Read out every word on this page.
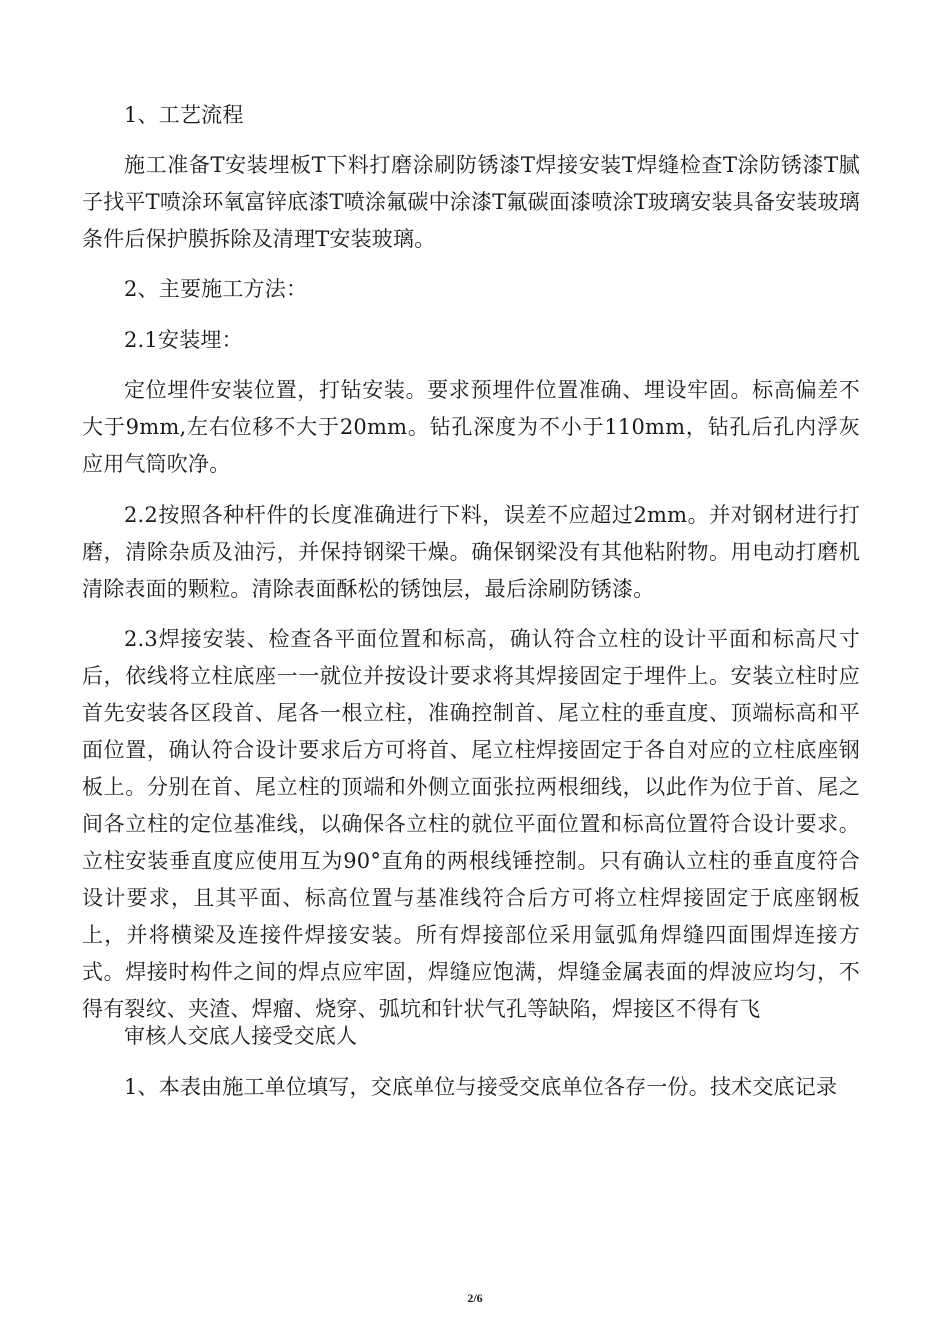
1、工艺流程

施工准备T安装埋板T下料打磨涂刷防锈漆T焊接安装T焊缝检查T涂防锈漆T腻子找平T喷涂环氧富锌底漆T喷涂氟碳中涂漆T氟碳面漆喷涂T玻璃安装具备安装玻璃条件后保护膜拆除及清理T安装玻璃。

2、主要施工方法：

2.1安装埋：

定位埋件安装位置，打钻安装。要求预埋件位置准确、埋设牢固。标高偏差不大于9mm,左右位移不大于20mm。钻孔深度为不小于110mm，钻孔后孔内浮灰应用气筒吹净。

2.2按照各种杆件的长度准确进行下料，误差不应超过2mm。并对钢材进行打磨，清除杂质及油污，并保持钢梁干燥。确保钢梁没有其他粘附物。用电动打磨机清除表面的颗粒。清除表面酥松的锈蚀层，最后涂刷防锈漆。

2.3焊接安装、检查各平面位置和标高，确认符合立柱的设计平面和标高尺寸后，依线将立柱底座一一就位并按设计要求将其焊接固定于埋件上。安装立柱时应首先安装各区段首、尾各一根立柱，准确控制首、尾立柱的垂直度、顶端标高和平面位置，确认符合设计要求后方可将首、尾立柱焊接固定于各自对应的立柱底座钢板上。分别在首、尾立柱的顶端和外侧立面张拉两根细线，以此作为位于首、尾之间各立柱的定位基准线，以确保各立柱的就位平面位置和标高位置符合设计要求。立柱安装垂直度应使用互为90°直角的两根线锤控制。只有确认立柱的垂直度符合设计要求，且其平面、标高位置与基准线符合后方可将立柱焊接固定于底座钢板上，并将横梁及连接件焊接安装。所有焊接部位采用氩弧角焊缝四面围焊连接方式。焊接时构件之间的焊点应牢固，焊缝应饱满，焊缝金属表面的焊波应均匀，不得有裂纹、夹渣、焊瘤、烧穿、弧坑和针状气孔等缺陷，焊接区不得有飞

审核人交底人接受交底人

1、本表由施工单位填写，交底单位与接受交底单位各存一份。技术交底记录

2/6
